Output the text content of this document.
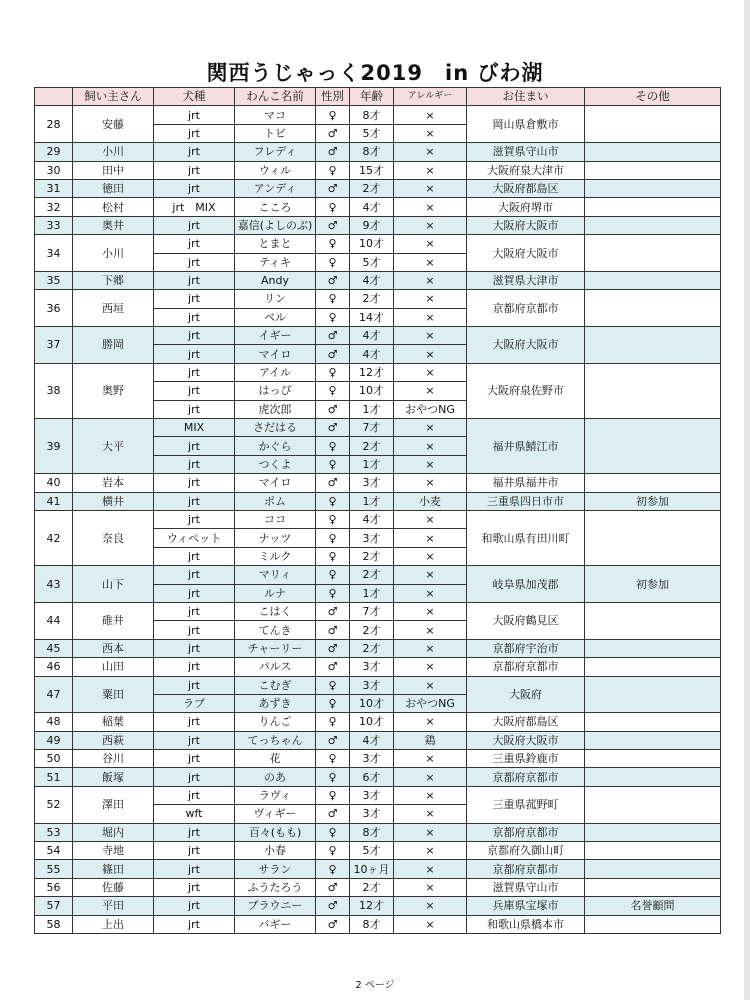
関西うじゃっく2019　in びわ湖
	飼い主さん	犬種	わんこ名前	性別	年齢	アレルギー	お住まい	その他
28	安藤	jrt	マコ	♀	8才	×	岡山県倉敷市	
		jrt	トビ	♂	5才	×		
29	小川	jrt	フレディ	♂	8才	×	滋賀県守山市	
30	田中	jrt	ウィル	♀	15才	×	大阪府泉大津市	
31	徳田	jrt	アンディ	♂	2才	×	大阪府都島区	
32	松村	jrt　MIX	こころ	♀	4才	×	大阪府堺市	
33	奥井	jrt	嘉信(よしのぶ)	♂	9才	×	大阪府大阪市	
34	小川	jrt	とまと	♀	10才	×	大阪府大阪市	
		jrt	ティキ	♀	5才	×		
35	下郷	jrt	Andy	♂	4才	×	滋賀県大津市	
36	西垣	jrt	リン	♀	2才	×	京都府京都市	
		jrt	ベル	♀	14才	×		
37	勝岡	jrt	イギー	♂	4才	×	大阪府大阪市	
		jrt	マイロ	♂	4才	×		
38	奥野	jrt	アイル	♀	12才	×	大阪府泉佐野市	
		jrt	はっぴ	♀	10才	×		
		jrt	虎次郎	♂	1才	おやつNG		
39	大平	MIX	さだはる	♂	7才	×	福井県鯖江市	
		jrt	かぐら	♀	2才	×		
		jrt	つくよ	♀	1才	×		
40	岩本	jrt	マイロ	♂	3才	×	福井県福井市	
41	横井	jrt	ポム	♀	1才	小麦	三重県四日市市	初参加
42	奈良	jrt	ココ	♀	4才	×	和歌山県有田川町	
		ウィペット	ナッツ	♀	3才	×		
		jrt	ミルク	♀	2才	×		
43	山下	jrt	マリィ	♀	2才	×	岐阜県加茂郡	初参加
		jrt	ルナ	♀	1才	×		
44	碓井	jrt	こはく	♂	7才	×	大阪府鶴見区	
		jrt	てんき	♂	2才	×		
45	西本	jrt	チャーリー	♂	2才	×	京都府宇治市	
46	山田	jrt	パルス	♂	3才	×	京都府京都市	
47	粟田	jrt	こむぎ	♀	3才	×	大阪府	
		ラブ	あずき	♀	10才	おやつNG		
48	稲葉	jrt	りんご	♀	10才	×	大阪府都島区	
49	西萩	jrt	てっちゃん	♂	4才	鶏	大阪府大阪市	
50	谷川	jrt	花	♀	3才	×	三重県鈴鹿市	
51	飯塚	jrt	のあ	♀	6才	×	京都府京都市	
52	澤田	jrt	ラヴィ	♀	3才	×	三重県菰野町	
		wft	ヴィギー	♂	3才	×		
53	堀内	jrt	百々(もも)	♀	8才	×	京都府京都市	
54	寺地	jrt	小春	♀	5才	×	京都府久御山町	
55	篠田	jrt	サラン	♀	10ヶ月	×	京都府京都市	
56	佐藤	jrt	ふうたろう	♂	2才	×	滋賀県守山市	
57	平田	jrt	ブラウニー	♂	12才	×	兵庫県宝塚市	名誉顧問
58	上出	jrt	バギー	♂	8才	×	和歌山県橋本市	
2 ページ
